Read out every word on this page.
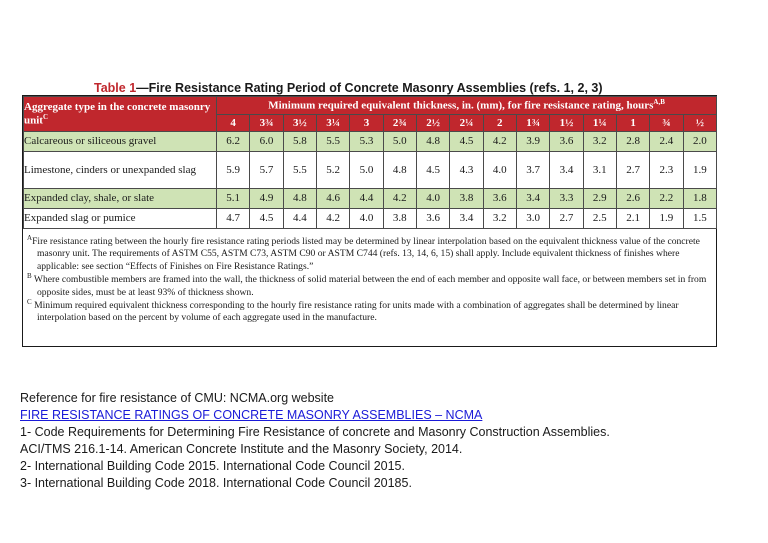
Table 1—Fire Resistance Rating Period of Concrete Masonry Assemblies (refs. 1, 2, 3)
Aggregate type in the concrete masonry unit$^C$	Minimum required equivalent thickness, in. (mm), for fire resistance rating, hours$^{A,B}$
	4	3¾	3½	3¼	3	2¾	2½	2¼	2	1¾	1½	1¼	1	¾	½
Calcareous or siliceous gravel	6.2	6.0	5.8	5.5	5.3	5.0	4.8	4.5	4.2	3.9	3.6	3.2	2.8	2.4	2.0
Limestone, cinders or unexpanded slag	5.9	5.7	5.5	5.2	5.0	4.8	4.5	4.3	4.0	3.7	3.4	3.1	2.7	2.3	1.9
Expanded clay, shale, or slate	5.1	4.9	4.8	4.6	4.4	4.2	4.0	3.8	3.6	3.4	3.3	2.9	2.6	2.2	1.8
Expanded slag or pumice	4.7	4.5	4.4	4.2	4.0	3.8	3.6	3.4	3.2	3.0	2.7	2.5	2.1	1.9	1.5
$^A$Fire resistance rating between the hourly fire resistance rating periods listed may be determined by linear interpolation based on the equivalent thickness value of the concrete masonry unit. The requirements of ASTM C55, ASTM C73, ASTM C90 or ASTM C744 (refs. 13, 14, 6, 15) shall apply. Include equivalent thickness of finishes where applicable: see section “Effects of Finishes on Fire Resistance Ratings.”
$^B$ Where combustible members are framed into the wall, the thickness of solid material between the end of each member and opposite wall face, or between members set in from opposite sides, must be at least 93% of thickness shown.
$^C$ Minimum required equivalent thickness corresponding to the hourly fire resistance rating for units made with a combination of aggregates shall be determined by linear interpolation based on the percent by volume of each aggregate used in the manufacture.
Reference for fire resistance of CMU: NCMA.org website
FIRE RESISTANCE RATINGS OF CONCRETE MASONRY ASSEMBLIES – NCMA
1- Code Requirements for Determining Fire Resistance of concrete and Masonry Construction Assemblies.
ACI/TMS 216.1-14. American Concrete Institute and the Masonry Society, 2014.
2- International Building Code 2015. International Code Council 2015.
3- International Building Code 2018. International Code Council 20185.
